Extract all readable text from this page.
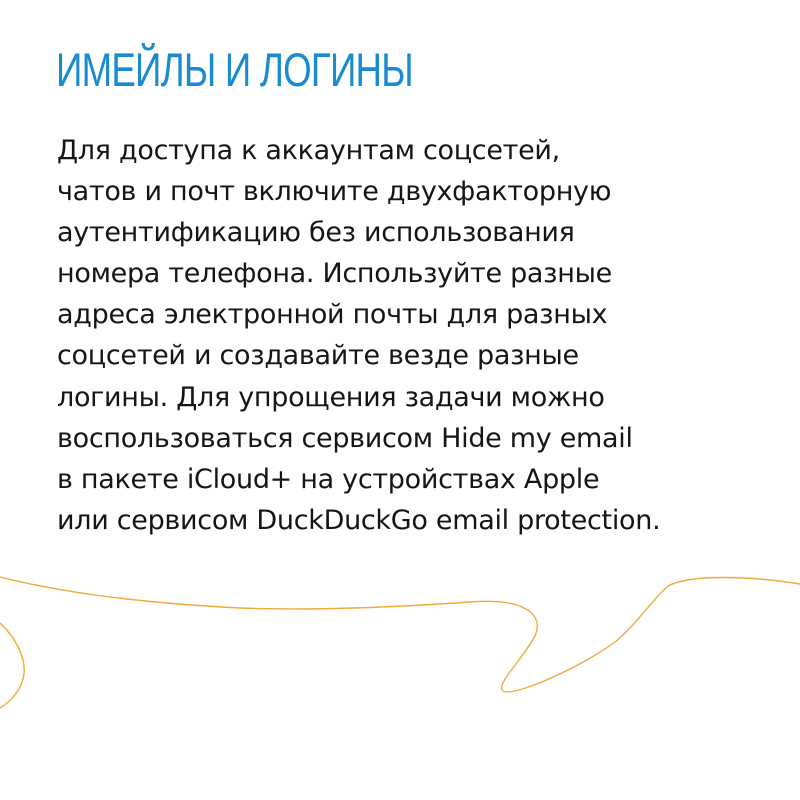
ИМЕЙЛЫ И ЛОГИНЫ
Для доступа к аккаунтам соцсетей,
чатов и почт включите двухфакторную
аутентификацию без использования
номера телефона. Используйте разные
адреса электронной почты для разных
соцсетей и создавайте везде разные
логины. Для упрощения задачи можно
воспользоваться сервисом Hide my email
в пакете iCloud+ на устройствах Apple
или сервисом DuckDuckGo email protection.
